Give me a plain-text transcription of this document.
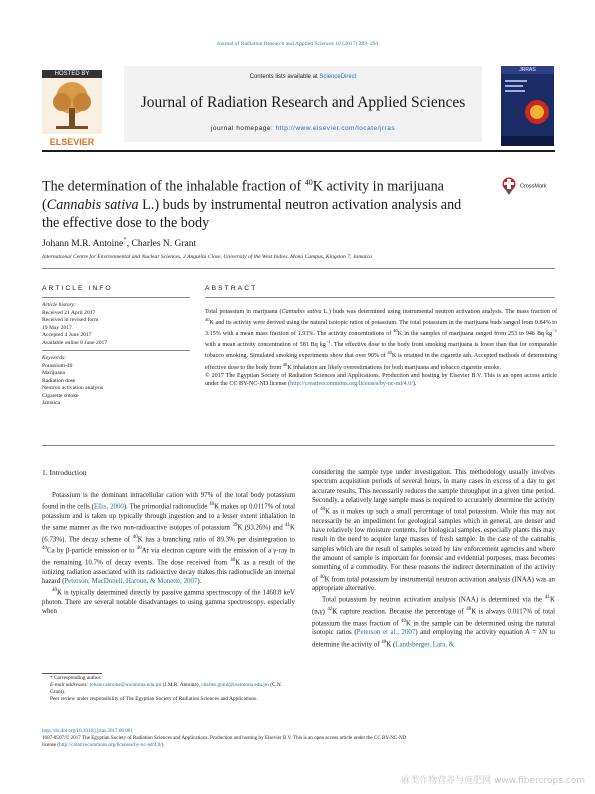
Journal of Radiation Research and Applied Sciences 10 (2017) 289–294
HOSTED BY
ELSEVIER
Contents lists available at ScienceDirect
Journal of Radiation Research and Applied Sciences
journal homepage: http://www.elsevier.com/locate/jrras
JRRAS
The determination of the inhalable fraction of $^{40}$K activity in marijuana (Cannabis sativa L.) buds by instrumental neutron activation analysis and the effective dose to the body
CrossMark
Johann M.R. Antoine*, Charles N. Grant
International Centre for Environmental and Nuclear Sciences, 2 Anguilla Close, University of the West Indies, Mona Campus, Kingston 7, Jamaica
ARTICLE INFO
Article history:
Received 21 April 2017
Received in revised form
19 May 2017
Accepted 4 June 2017
Available online 8 June 2017
Keywords:
Potassium-40
Marijuana
Radiation dose
Neutron activation analysis
Cigarette smoke
Jamaica
ABSTRACT
Total potassium in marijuana (Cannabis sativa L.) buds was determined using instrumental neutron activation analysis. The mass fraction of $^{40}$K and its activity were derived using the natural isotopic ratios of potassium. The total potassium in the marijuana buds ranged from 0.84% to 3.15% with a mean mass fraction of 1.93%. The activity concentrations of $^{40}$K in the samples of marijuana ranged from 253 to 946 Bq $kg^{-1}$ with a mean activity concentration of 581 Bq $kg^{-1}$. The effective dose to the body from smoking marijuana is lower than that for comparable tobacco smoking. Simulated smoking experiments show that over 90% of $^{40}$K is retained in the cigarette ash. Accepted methods of determining effective dose to the body from $^{40}$K inhalation are likely overestimations for both marijuana and tobacco cigarette smoke.
© 2017 The Egyptian Society of Radiation Sciences and Applications. Production and hosting by Elsevier B.V. This is an open access article under the CC BY-NC-ND license (http://creativecommons.org/licenses/by-nc-nd/4.0/).
1. Introduction

Potassium is the dominant intracellular cation with 97% of the total body potassium found in the cells (Ellis, 2000). The primordial radionuclide $^{40}$K makes up 0.0117% of total potassium and is taken up typically through ingestion and to a lesser extent inhalation in the same manner as the two non-radioactive isotopes of potassium $^{39}$K (93.26%) and $^{41}$K (6.73%). The decay scheme of $^{40}$K has a branching ratio of 89.3% per disintegration to $^{40}$Ca by β-particle emission or to $^{40}$Ar via electron capture with the emission of a γ-ray in the remaining 10.7% of decay events. The dose received from $^{40}$K as a result of the ionizing radiation associated with its radioactive decay makes this radionuclide an internal hazard (Peterson, MacDonell, Haroun, & Monette, 2007).

$^{40}$K is typically determined directly by passive gamma spectroscopy of the 1460.8 keV photon. There are several notable disadvantages to using gamma spectroscopy, especially when

* Corresponding author.
E-mail addresses: johann.antoine@uwimona.edu.jm (J.M.R. Antoine), charles.grant@uwimona.edu.jm (C.N. Grant).
Peer review under responsibility of The Egyptian Society of Radiation Sciences and Applications.

considering the sample type under investigation. This methodology usually involves spectrum acquisition periods of several hours, in many cases in excess of a day to get accurate results. This necessarily reduces the sample throughput in a given time period. Secondly, a relatively large sample mass is required to accurately determine the activity of $^{40}$K as it makes up such a small percentage of total potassium. While this may not necessarily be an impediment for geological samples which in general, are denser and have relatively low moisture contents, for biological samples, especially plants this may result in the need to acquire large masses of fresh sample. In the case of the cannabis samples which are the result of samples seized by law enforcement agencies and where the amount of sample is important for forensic and evidential purposes, mass becomes something of a commodity. For these reasons the indirect determination of the activity of $^{40}$K from total potassium by instrumental neutron activation analysis (INAA) was an appropriate alternative.

Total potassium by neutron activation analysis (NAA) is determined via the $^{41}$K (n,γ) $^{42}$K capture reaction. Because the percentage of $^{40}$K is always 0.0117% of total potassium the mass fraction of $^{40}$K in the sample can be determined using the natural isotopic ratios (Peterson et al., 2007) and employing the activity equation A = λN to determine the activity of $^{40}$K (Landsberger, Lara, &

http://dx.doi.org/10.1016/j.jrras.2017.06.001
1687-8507/© 2017 The Egyptian Society of Radiation Sciences and Applications. Production and hosting by Elsevier B.V. This is an open access article under the CC BY-NC-ND
license (http://creativecommons.org/licenses/by-nc-nd/4.0/).
麻类作物营养与施肥网 www.fibercrops.com
